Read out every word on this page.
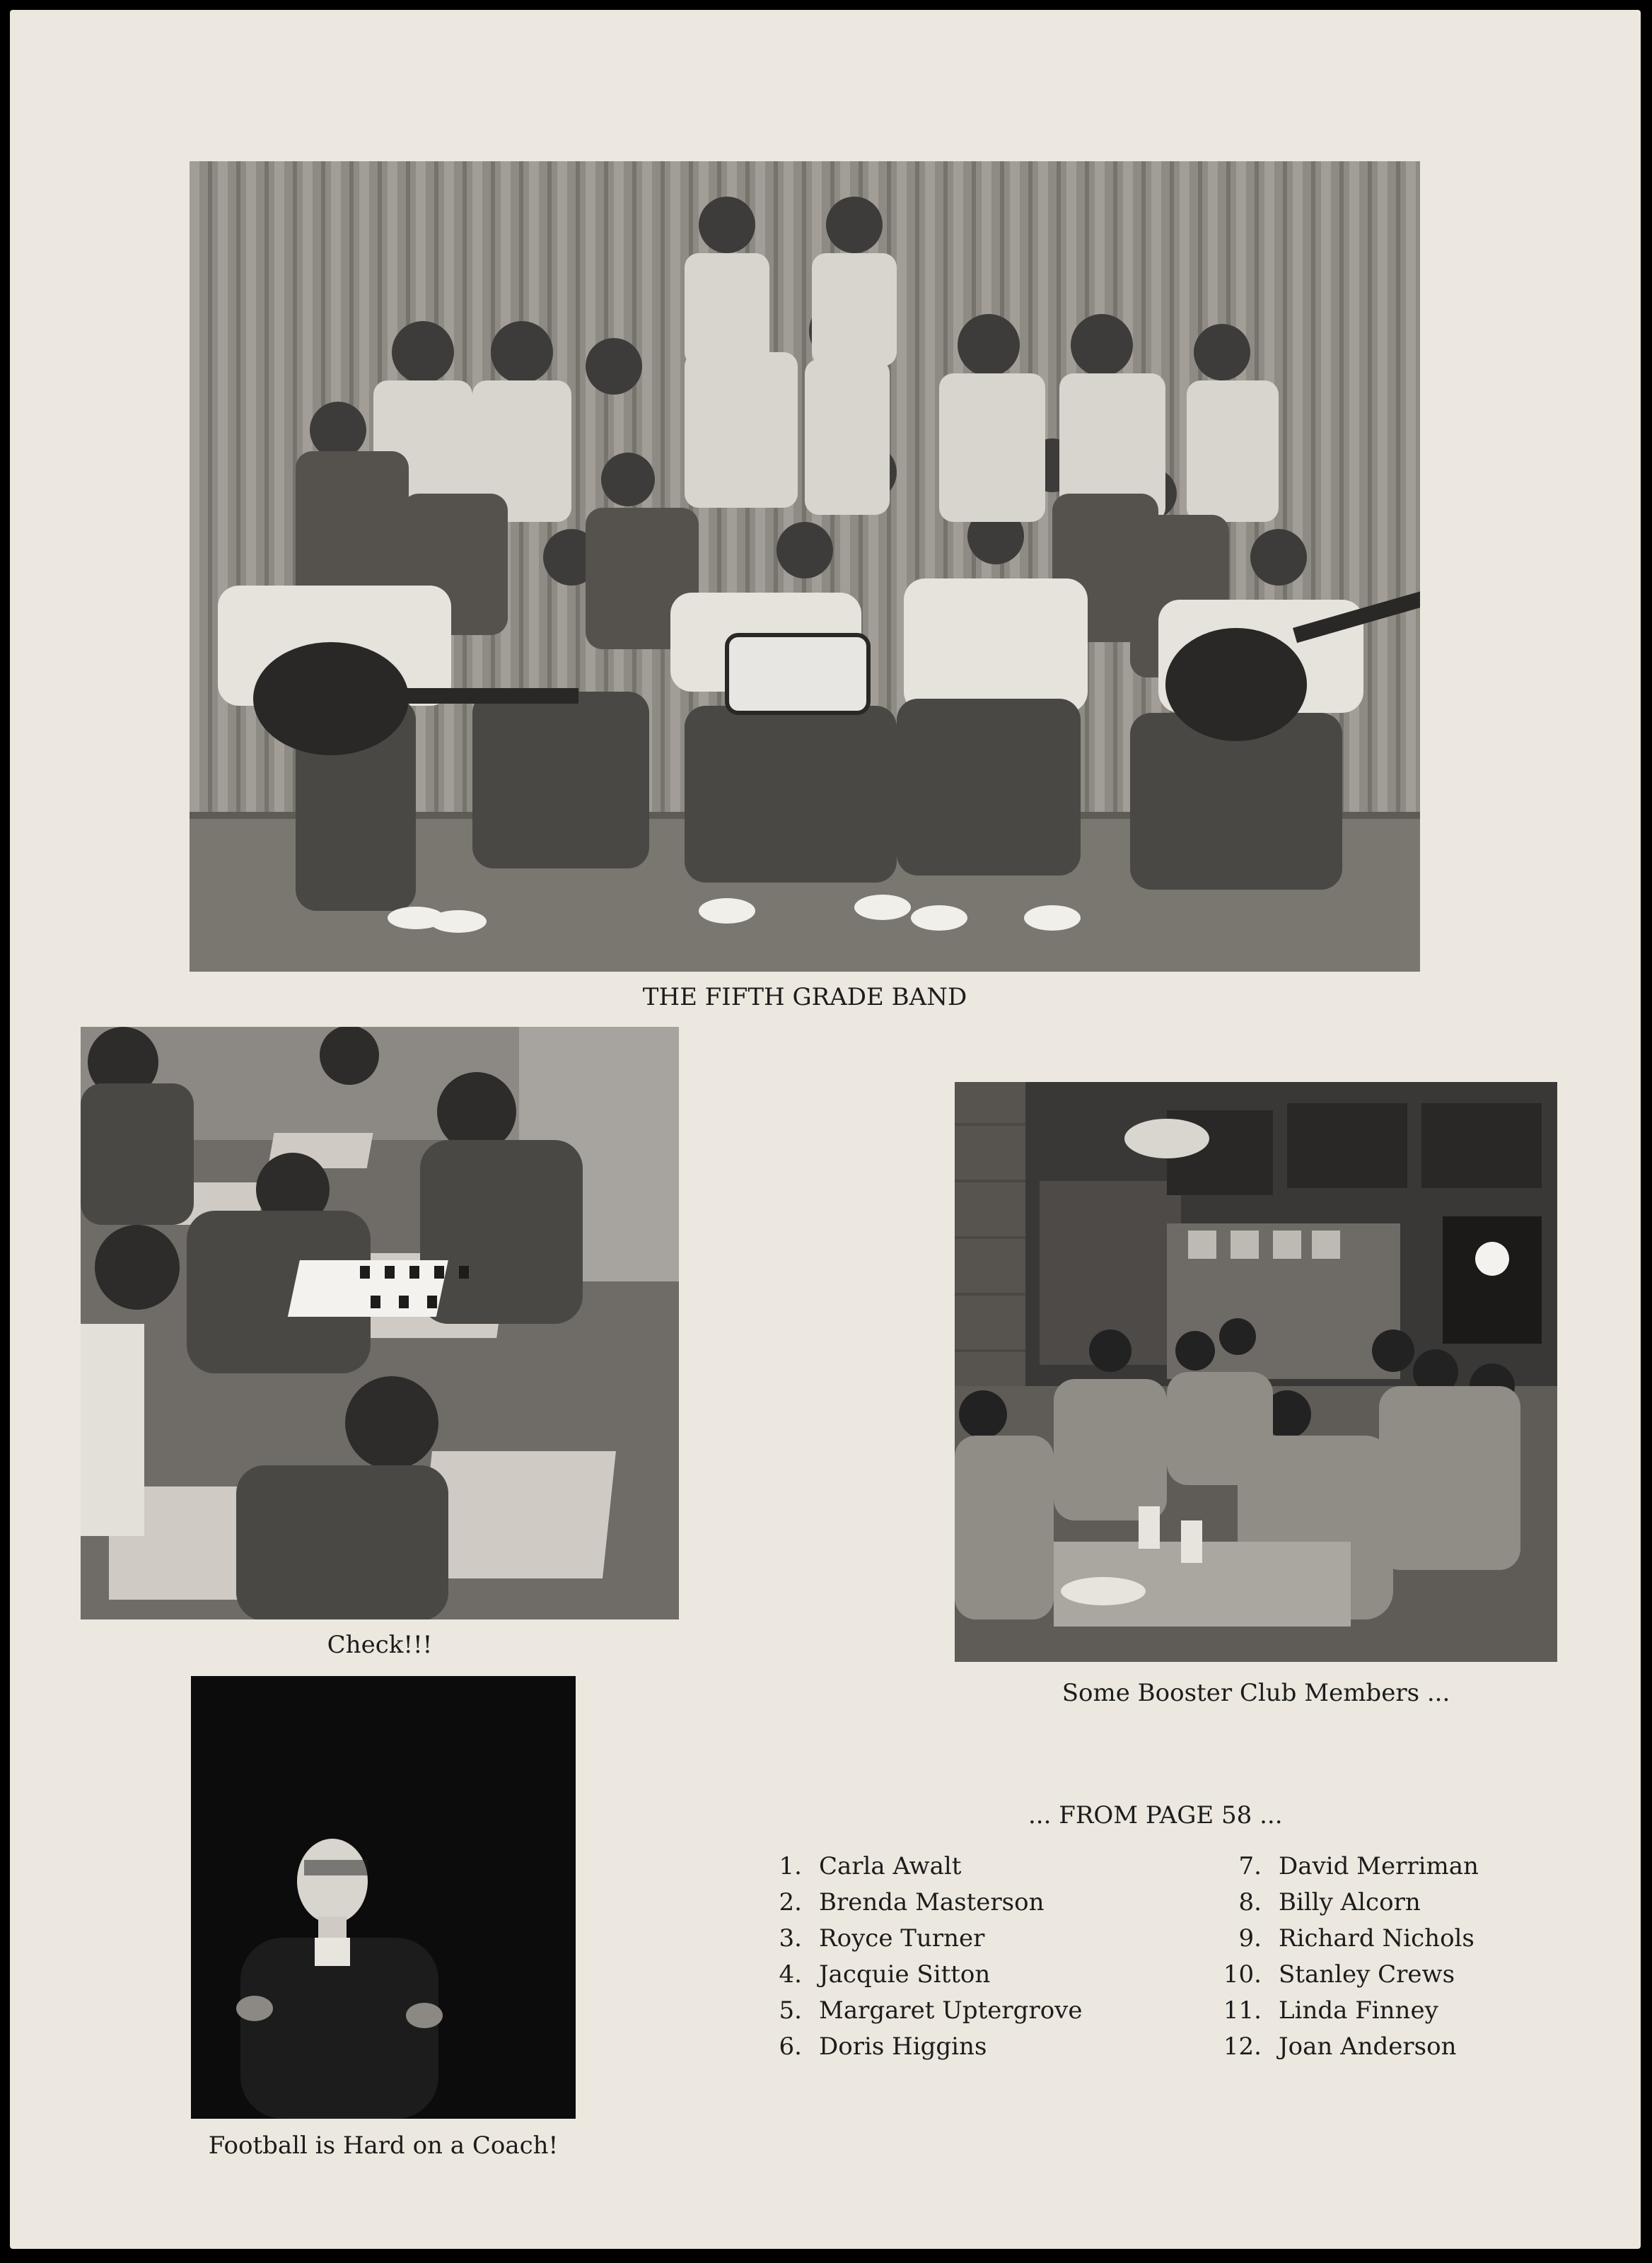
THE FIFTH GRADE BAND
Check!!!
Some Booster Club Members ...
Football is Hard on a Coach!
... FROM PAGE 58 ...
1. Carla Awalt
2. Brenda Masterson
3. Royce Turner
4. Jacquie Sitton
5. Margaret Uptergrove
6. Doris Higgins
7. David Merriman
8. Billy Alcorn
9. Richard Nichols
10. Stanley Crews
11. Linda Finney
12. Joan Anderson
